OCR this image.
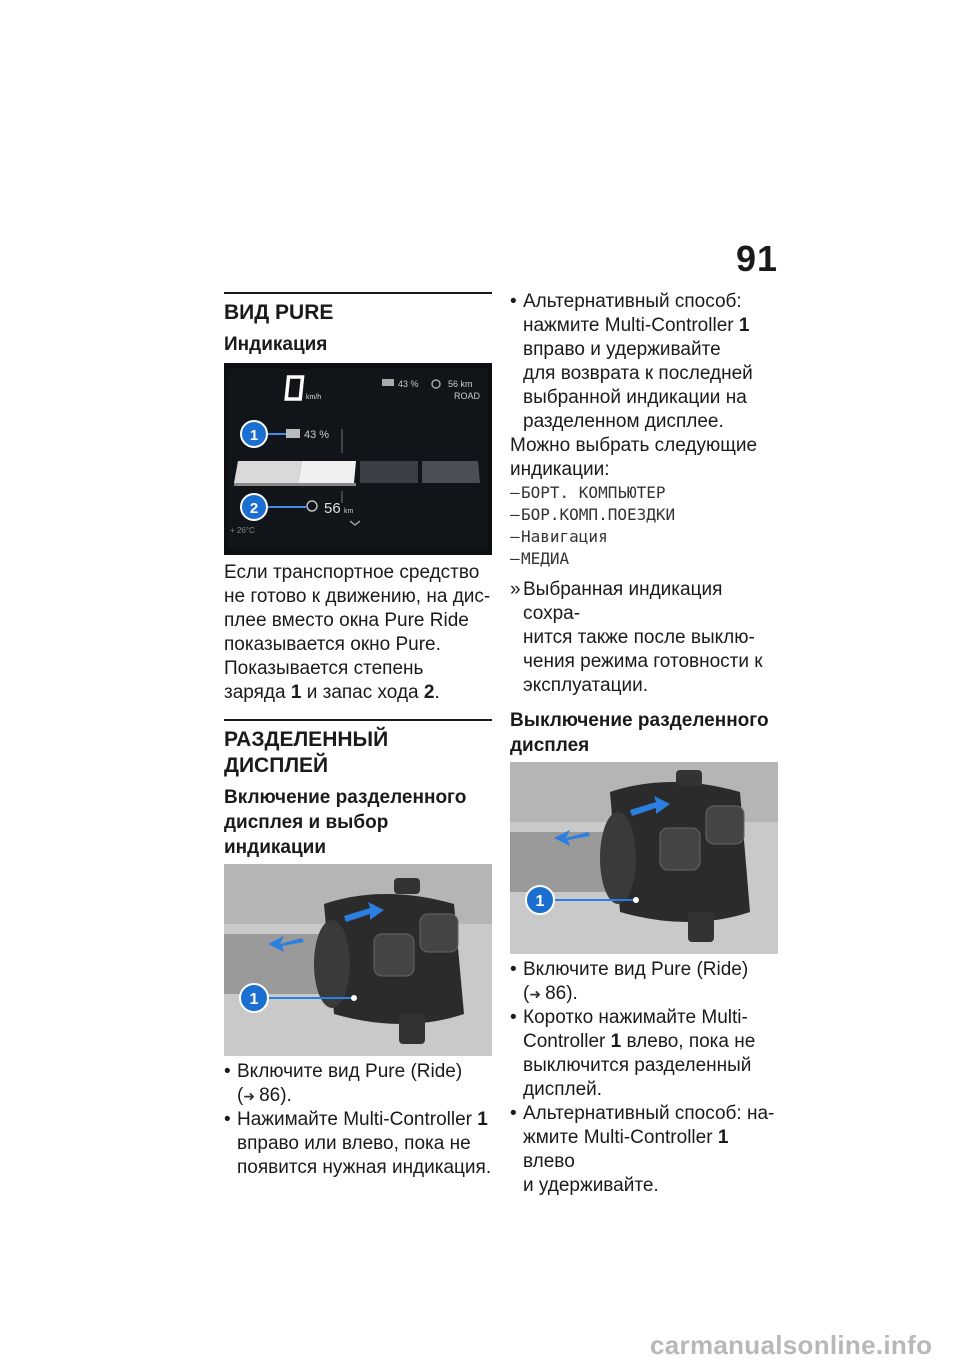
91
ВИД PURE
Индикация
km/h
43 %	56 km
ROAD
43 %
56 km
+ 26°C
1
2

Если транспортное средство

не готово к движению, на дис-

плее вместо окна Pure Ride

показывается окно Pure.

Показывается степень

заряда 1 и запас хода 2.

РАЗДЕЛЕННЫЙ ДИСПЛЕЙ
Включение разделенного
дисплея и выбор индикации
1
• Включите вид Pure (Ride)
(➜ 86).
• Нажимайте Multi-Controller 1
вправо или влево, пока не
появится нужная индикация.
• Альтернативный способ:
нажмите Multi-Controller 1
вправо и удерживайте
для возврата к последней
выбранной индикации на
разделенном дисплее.

Можно выбрать следующие

индикации:

–БОРТ. КОМПЬЮТЕР
–БОР.КОМП.ПОЕЗДКИ
–Навигация
–МЕДИА
» Выбранная индикация сохра-
нится также после выклю-
чения режима готовности к
эксплуатации.
Выключение разделенного
дисплея
1
• Включите вид Pure (Ride)
(➜ 86).
• Коротко нажимайте Multi-
Controller 1 влево, пока не
выключится разделенный
дисплей.
• Альтернативный способ: на-
жмите Multi-Controller 1 влево
и удерживайте.
carmanualsonline.info
